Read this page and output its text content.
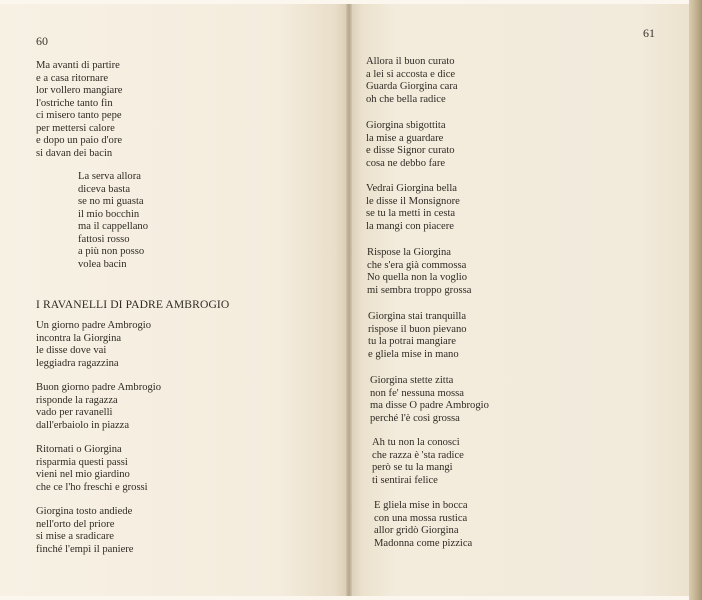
60
61
Ma avanti di partire
e a casa ritornare
lor vollero mangiare
l'ostriche tanto fin
ci misero tanto pepe
per mettersi calore
e dopo un paio d'ore
si davan dei bacin
La serva allora
diceva basta
se no mi guasta
il mio bocchin
ma il cappellano
fattosi rosso
a più non posso
volea bacin
I RAVANELLI DI PADRE AMBROGIO
Un giorno padre Ambrogio
incontra la Giorgina
le disse dove vai
leggiadra ragazzina
Buon giorno padre Ambrogio
risponde la ragazza
vado per ravanelli
dall'erbaiolo in piazza
Ritornati o Giorgina
risparmia questi passi
vieni nel mio giardino
che ce l'ho freschi e grossi
Giorgina tosto andiede
nell'orto del priore
si mise a sradicare
finché l'empì il paniere
Allora il buon curato
a lei si accosta e dice
Guarda Giorgina cara
oh che bella radice
Giorgina sbigottita
la mise a guardare
e disse Signor curato
cosa ne debbo fare
Vedrai Giorgina bella
le disse il Monsignore
se tu la metti in cesta
la mangi con piacere
Rispose la Giorgina
che s'era già commossa
No quella non la voglio
mi sembra troppo grossa
Giorgina stai tranquilla
rispose il buon pievano
tu la potrai mangiare
e gliela mise in mano
Giorgina stette zitta
non fe' nessuna mossa
ma disse O padre Ambrogio
perché l'è così grossa
Ah tu non la conosci
che razza è 'sta radice
però se tu la mangi
ti sentirai felice
E gliela mise in bocca
con una mossa rustica
allor gridò Giorgina
Madonna come pizzica
